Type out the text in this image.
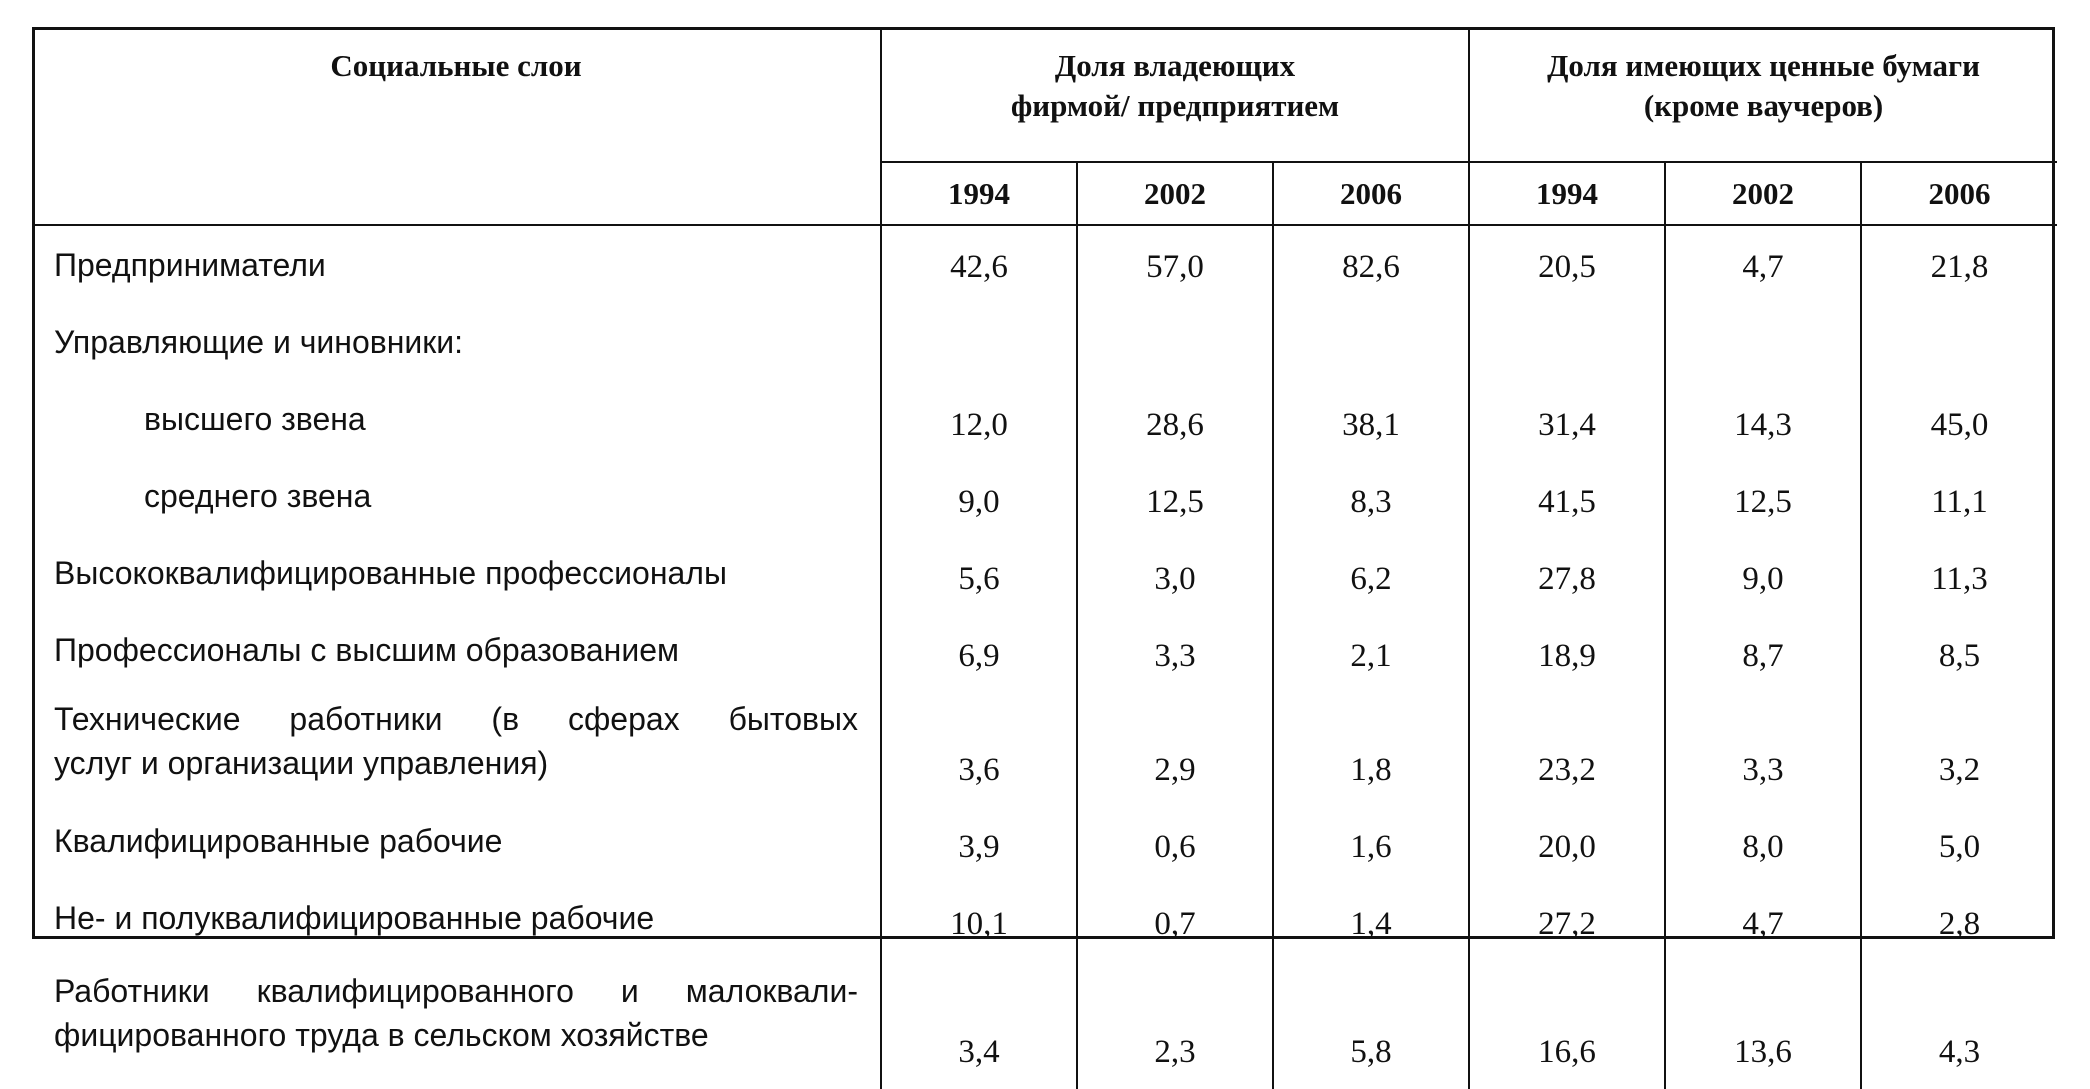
Социальные слои	Доля владеющих фирмой/ предприятием			Доля имеющих ценные бумаги (кроме ваучеров)		
	1994	2002	2006	1994	2002	2006
Предприниматели	42,6	57,0	82,6	20,5	4,7	21,8
Управляющие и чиновники:						
высшего звена	12,0	28,6	38,1	31,4	14,3	45,0
среднего звена	9,0	12,5	8,3	41,5	12,5	11,1
Высококвалифицированные профессионалы	5,6	3,0	6,2	27,8	9,0	11,3
Профессионалы с высшим образованием	6,9	3,3	2,1	18,9	8,7	8,5
Технические работники (в сферах бытовых
услуг и организации управления)	3,6	2,9	1,8	23,2	3,3	3,2
Квалифицированные рабочие	3,9	0,6	1,6	20,0	8,0	5,0
Не- и полуквалифицированные рабочие	10,1	0,7	1,4	27,2	4,7	2,8
Работники квалифицированного и малоквали-
фицированного труда в сельском хозяйстве	3,4	2,3	5,8	16,6	13,6	4,3
